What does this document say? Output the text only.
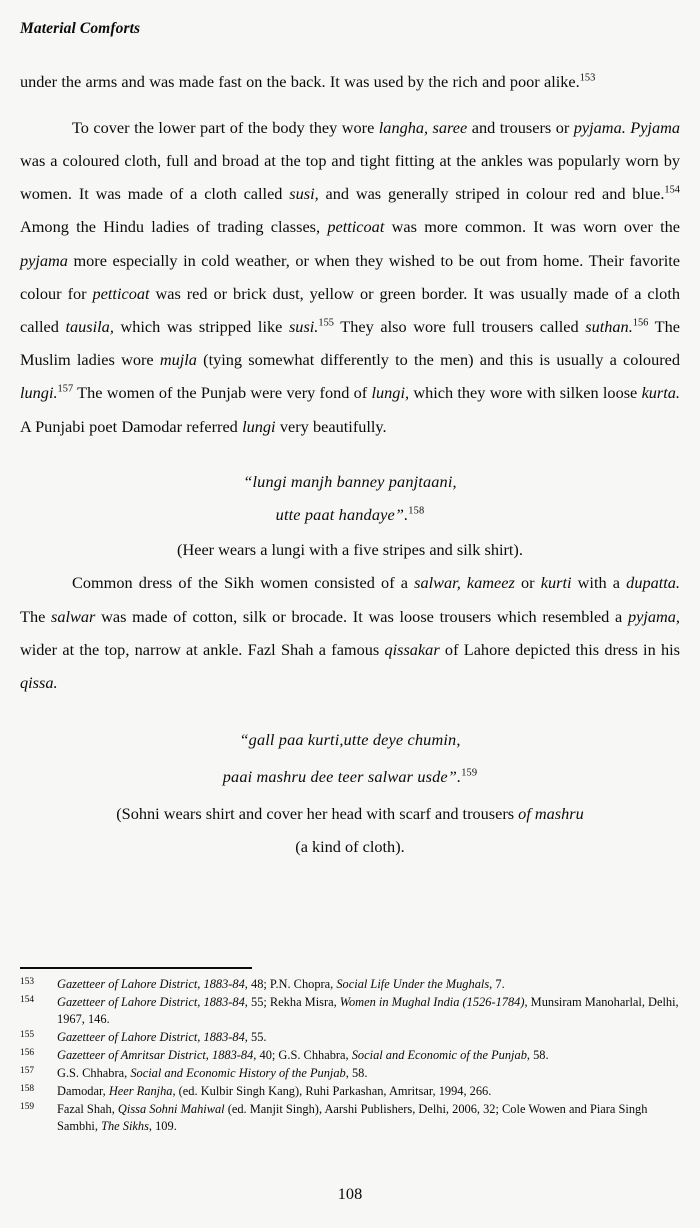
Material Comforts

under the arms and was made fast on the back. It was used by the rich and poor alike.$^{153}$

To cover the lower part of the body they wore langha, saree and trousers or pyjama. Pyjama was a coloured cloth, full and broad at the top and tight fitting at the ankles was popularly worn by women. It was made of a cloth called susi, and was generally striped in colour red and blue.$^{154}$ Among the Hindu ladies of trading classes, petticoat was more common. It was worn over the pyjama more especially in cold weather, or when they wished to be out from home. Their favorite colour for petticoat was red or brick dust, yellow or green border. It was usually made of a cloth called tausila, which was stripped like susi.$^{155}$ They also wore full trousers called suthan.$^{156}$ The Muslim ladies wore mujla (tying somewhat differently to the men) and this is usually a coloured lungi.$^{157}$ The women of the Punjab were very fond of lungi, which they wore with silken loose kurta. A Punjabi poet Damodar referred lungi very beautifully.

“lungi manjh banney panjtaani,
utte paat handaye”.$^{158}$
(Heer wears a lungi with a five stripes and silk shirt).

Common dress of the Sikh women consisted of a salwar, kameez or kurti with a dupatta. The salwar was made of cotton, silk or brocade. It was loose trousers which resembled a pyjama, wider at the top, narrow at ankle. Fazl Shah a famous qissakar of Lahore depicted this dress in his qissa.

“gall paa kurti,utte deye chumin,
paai mashru dee teer salwar usde”.$^{159}$
(Sohni wears shirt and cover her head with scarf and trousers of mashru
(a kind of cloth).
153 Gazetteer of Lahore District, 1883-84, 48; P.N. Chopra, Social Life Under the Mughals, 7.
154 Gazetteer of Lahore District, 1883-84, 55; Rekha Misra, Women in Mughal India (1526-1784), Munsiram Manoharlal, Delhi, 1967, 146.
155 Gazetteer of Lahore District, 1883-84, 55.
156 Gazetteer of Amritsar District, 1883-84, 40; G.S. Chhabra, Social and Economic of the Punjab, 58.
157 G.S. Chhabra, Social and Economic History of the Punjab, 58.
158 Damodar, Heer Ranjha, (ed. Kulbir Singh Kang), Ruhi Parkashan, Amritsar, 1994, 266.
159 Fazal Shah, Qissa Sohni Mahiwal (ed. Manjit Singh), Aarshi Publishers, Delhi, 2006, 32; Cole Wowen and Piara Singh Sambhi, The Sikhs, 109.
108
